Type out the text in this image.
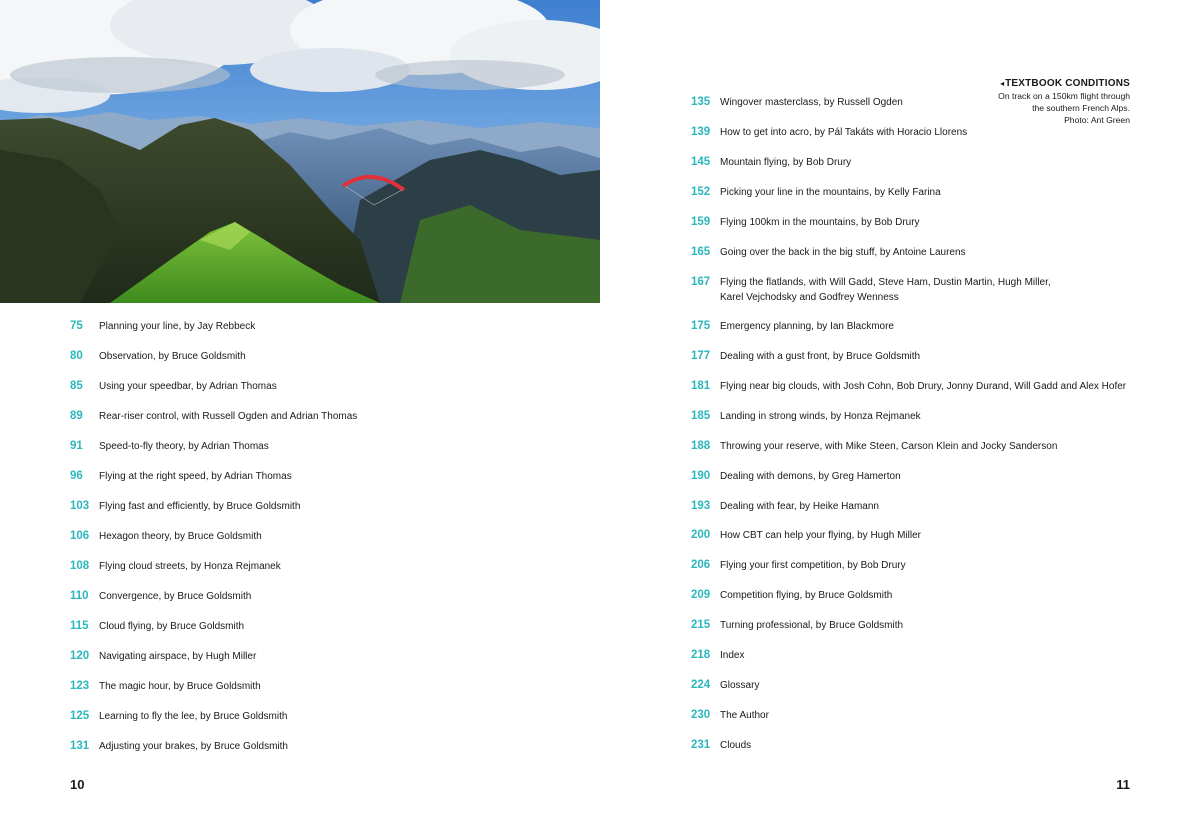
◂TEXTBOOK CONDITIONS
On track on a 150km flight through
the southern French Alps.
Photo: Ant Green
75	Planning your line, by Jay Rebbeck
80	Observation, by Bruce Goldsmith
85	Using your speedbar, by Adrian Thomas
89	Rear-riser control, with Russell Ogden and Adrian Thomas
91	Speed-to-fly theory, by Adrian Thomas
96	Flying at the right speed, by Adrian Thomas
103 Flying fast and efficiently, by Bruce Goldsmith
106 Hexagon theory, by Bruce Goldsmith
108 Flying cloud streets, by Honza Rejmanek
110	Convergence, by Bruce Goldsmith
115	Cloud flying, by Bruce Goldsmith
120 Navigating airspace, by Hugh Miller
123 The magic hour, by Bruce Goldsmith
125 Learning to fly the lee, by Bruce Goldsmith
131 Adjusting your brakes, by Bruce Goldsmith
135 Wingover masterclass, by Russell Ogden
139 How to get into acro, by Pál Takáts with Horacio Llorens
145 Mountain flying, by Bob Drury
152 Picking your line in the mountains, by Kelly Farina
159 Flying 100km in the mountains, by Bob Drury
165 Going over the back in the big stuff, by Antoine Laurens
167 Flying the flatlands, with Will Gadd, Steve Ham, Dustin Martin, Hugh Miller,
Karel Vejchodsky and Godfrey Wenness
175 Emergency planning, by Ian Blackmore
177 Dealing with a gust front, by Bruce Goldsmith
181 Flying near big clouds, with Josh Cohn, Bob Drury, Jonny Durand, Will Gadd and Alex Hofer
185 Landing in strong winds, by Honza Rejmanek
188 Throwing your reserve, with Mike Steen, Carson Klein and Jocky Sanderson
190 Dealing with demons, by Greg Hamerton
193 Dealing with fear, by Heike Hamann
200 How CBT can help your flying, by Hugh Miller
206 Flying your first competition, by Bob Drury
209 Competition flying, by Bruce Goldsmith
215 Turning professional, by Bruce Goldsmith
218 Index
224 Glossary
230 The Author
231 Clouds
10	11
